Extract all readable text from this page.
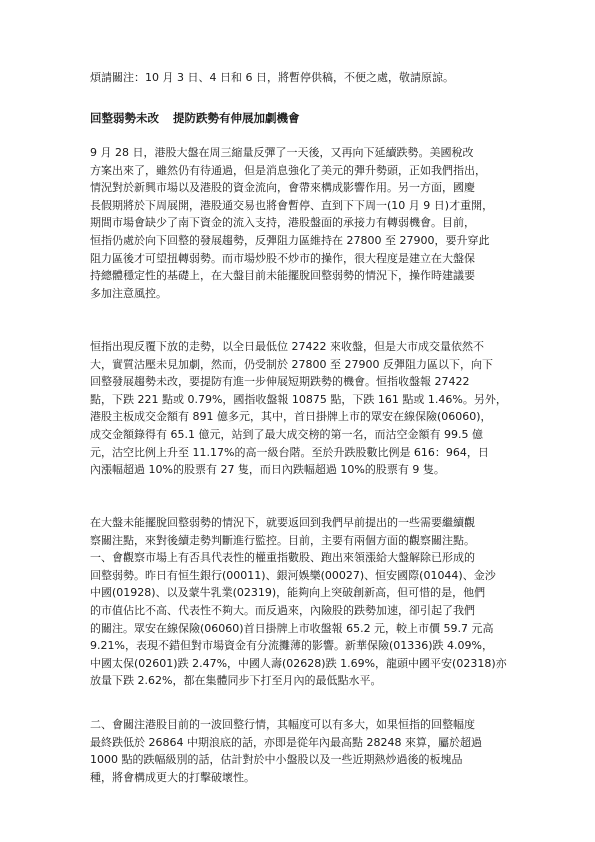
煩請關注：10 月 3 日、4 日和 6 日，將暫停供稿，不便之處，敬請原諒。
回整弱勢未改 提防跌勢有伸展加劇機會
9 月 28 日，港股大盤在周三縮量反彈了一天後，又再向下延續跌勢。美國稅改
方案出來了，雖然仍有待通過，但是消息強化了美元的彈升勢頭，正如我們指出，
情況對於新興市場以及港股的資金流向，會帶來構成影響作用。另一方面，國慶
長假期將於下周展開，港股通交易也將會暫停、直到下下周一(10 月 9 日)才重開，
期間市場會缺少了南下資金的流入支持，港股盤面的承接力有轉弱機會。目前，
恒指仍處於向下回整的發展趨勢，反彈阻力區維持在 27800 至 27900，要升穿此
阻力區後才可望扭轉弱勢。而市場炒股不炒市的操作，很大程度是建立在大盤保
持總體穩定性的基礎上，在大盤目前未能擺脫回整弱勢的情況下，操作時建議要
多加注意風控。
恒指出現反覆下放的走勢，以全日最低位 27422 來收盤，但是大市成交量依然不
大，實質沽壓未見加劇，然而，仍受制於 27800 至 27900 反彈阻力區以下，向下
回整發展趨勢未改，要提防有進一步伸展短期跌勢的機會。恒指收盤報 27422
點，下跌 221 點或 0.79%，國指收盤報 10875 點，下跌 161 點或 1.46%。另外，
港股主板成交金額有 891 億多元，其中，首日掛牌上市的眾安在線保險(06060)，
成交金額錄得有 65.1 億元，站到了最大成交榜的第一名，而沽空金額有 99.5 億
元，沽空比例上升至 11.17%的高一級台階。至於升跌股數比例是 616：964，日
內漲幅超過 10%的股票有 27 隻，而日內跌幅超過 10%的股票有 9 隻。
在大盤未能擺脫回整弱勢的情況下，就要返回到我們早前提出的一些需要繼續觀
察關注點，來對後續走勢判斷進行監控。目前，主要有兩個方面的觀察關注點。
一、會觀察市場上有否具代表性的權重指數股、跑出來領漲給大盤解除已形成的
回整弱勢。昨日有恒生銀行(00011)、銀河娛樂(00027)、恒安國際(01044)、金沙
中國(01928)、以及蒙牛乳業(02319)，能夠向上突破創新高，但可惜的是，他們
的市值佔比不高、代表性不夠大。而反過來，內險股的跌勢加速，卻引起了我們
的關注。眾安在線保險(06060)首日掛牌上市收盤報 65.2 元，較上市價 59.7 元高
9.21%，表現不錯但對市場資金有分流攤薄的影響。新華保險(01336)跌 4.09%，
中國太保(02601)跌 2.47%，中國人壽(02628)跌 1.69%，龍頭中國平安(02318)亦
放量下跌 2.62%，都在集體同步下打至月內的最低點水平。
二、會關注港股目前的一波回整行情，其幅度可以有多大，如果恒指的回整幅度
最終跌低於 26864 中期浪底的話，亦即是從年內最高點 28248 來算，屬於超過
1000 點的跌幅級別的話，估計對於中小盤股以及一些近期熱炒過後的板塊品
種，將會構成更大的打擊破壞性。
